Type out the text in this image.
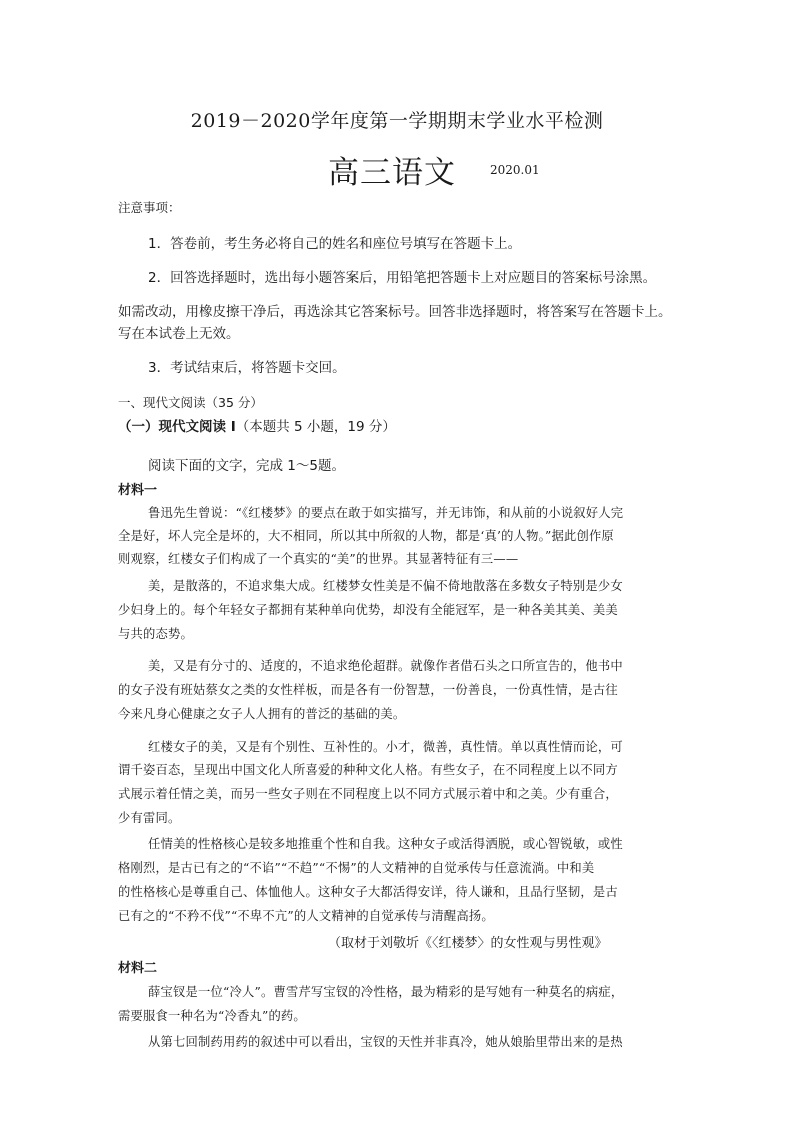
2019－2020学年度第一学期期末学业水平检测
高三语文	2020.01
注意事项：
1．答卷前，考生务必将自己的姓名和座位号填写在答题卡上。
2．回答选择题时，选出每小题答案后，用铅笔把答题卡上对应题目的答案标号涂黑。
如需改动，用橡皮擦干净后，再选涂其它答案标号。回答非选择题时，将答案写在答题卡上。
写在本试卷上无效。
3．考试结束后，将答题卡交回。
一、现代文阅读（35 分）
（一）现代文阅读 I（本题共 5 小题，19 分）
阅读下面的文字，完成 1～5题。
材料一
鲁迅先生曾说：“《红楼梦》的要点在敢于如实描写，并无讳饰，和从前的小说叙好人完
全是好，坏人完全是坏的，大不相同，所以其中所叙的人物，都是‘真’的人物。”据此创作原
则观察，红楼女子们构成了一个真实的“美”的世界。其显著特征有三——
美，是散落的，不追求集大成。红楼梦女性美是不偏不倚地散落在多数女子特别是少女
少妇身上的。每个年轻女子都拥有某种单向优势，却没有全能冠军，是一种各美其美、美美
与共的态势。
美，又是有分寸的、适度的，不追求绝伦超群。就像作者借石头之口所宣告的，他书中
的女子没有班姑蔡女之类的女性样板，而是各有一份智慧，一份善良，一份真性情，是古往
今来凡身心健康之女子人人拥有的普泛的基础的美。
红楼女子的美，又是有个别性、互补性的。小才，微善，真性情。单以真性情而论，可
谓千姿百态，呈现出中国文化人所喜爱的种种文化人格。有些女子，在不同程度上以不同方
式展示着任情之美，而另一些女子则在不同程度上以不同方式展示着中和之美。少有重合，
少有雷同。
任情美的性格核心是较多地推重个性和自我。这种女子或活得洒脱，或心智锐敏，或性
格刚烈，是古已有之的“不谄”“不趋”“不惕”的人文精神的自觉承传与任意流淌。中和美
的性格核心是尊重自己、体恤他人。这种女子大都活得安详，待人谦和，且品行坚韧，是古
已有之的“不矜不伐”“不卑不亢”的人文精神的自觉承传与清醒高扬。
（取材于刘敬圻《〈红楼梦〉的女性观与男性观》
材料二
薛宝钗是一位“冷人”。曹雪芹写宝钗的冷性格，最为精彩的是写她有一种莫名的病症，
需要服食一种名为“冷香丸”的药。
从第七回制药用药的叙述中可以看出，宝钗的天性并非真冷，她从娘胎里带出来的是热
